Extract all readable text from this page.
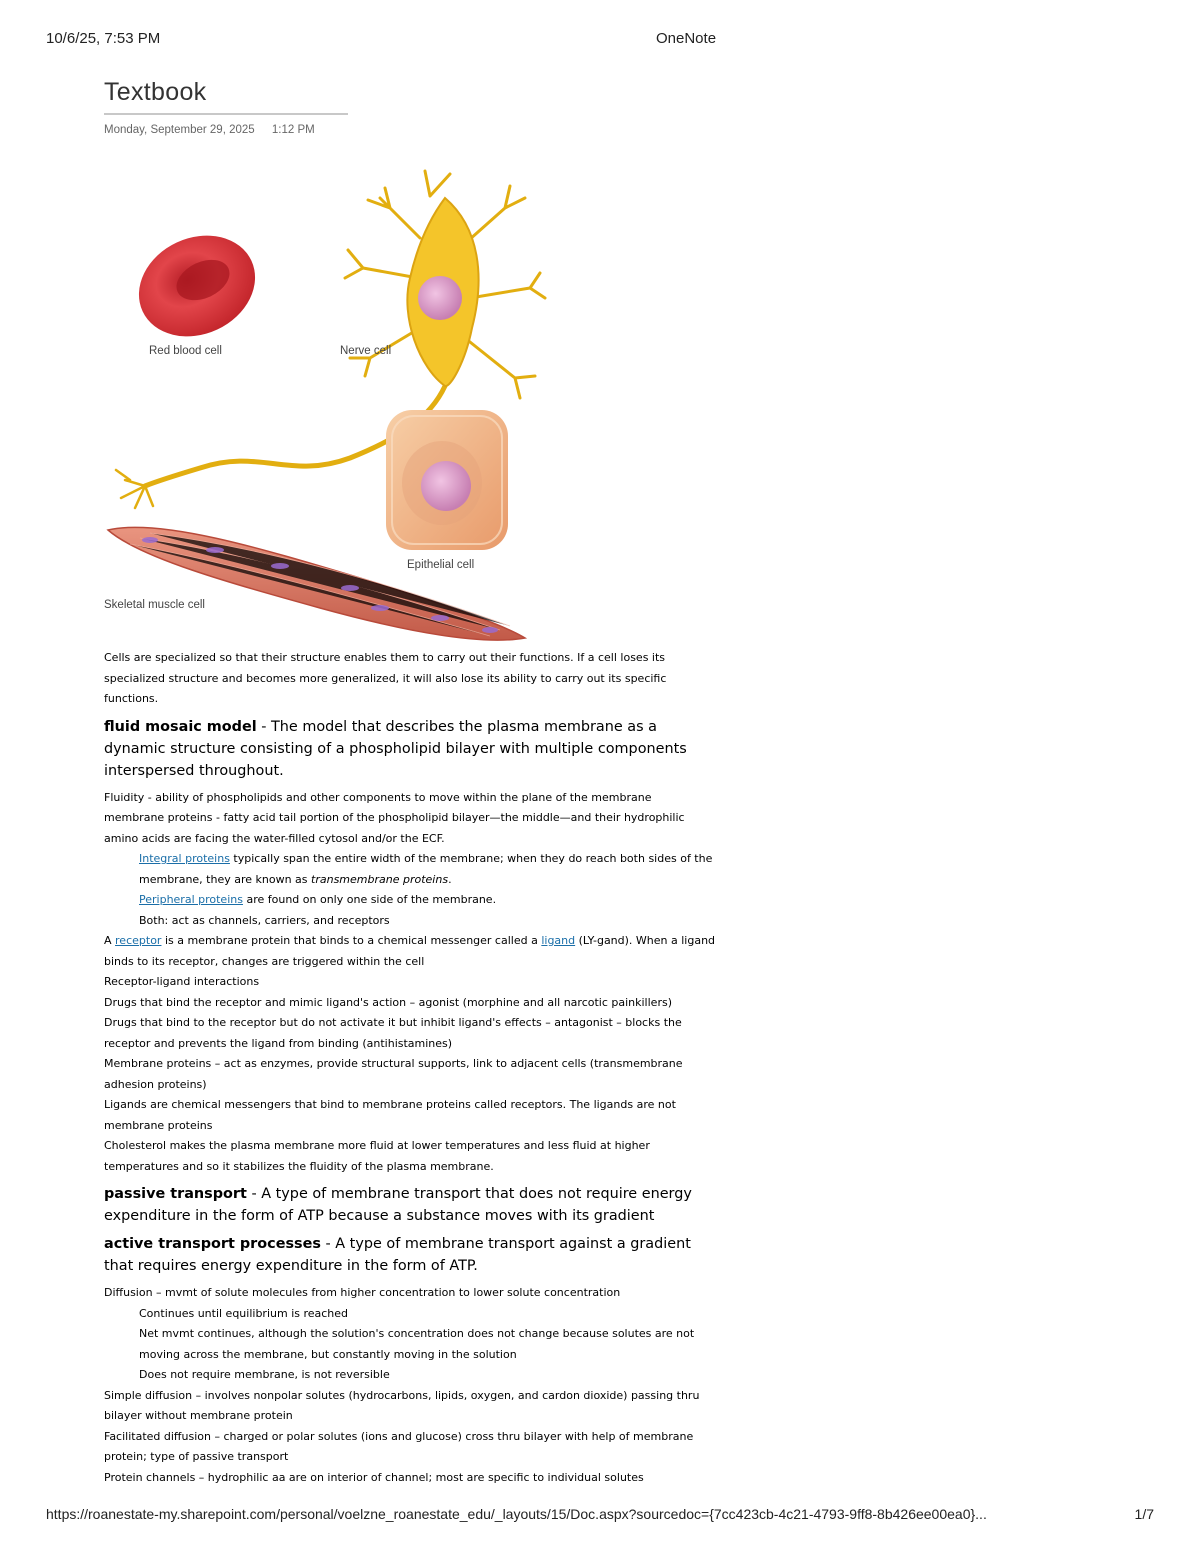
10/6/25, 7:53 PM	OneNote
Textbook
Monday, September 29, 2025 1:12 PM
Red blood cell	Nerve cell
Epithelial cell
Skeletal muscle cell

Cells are specialized so that their structure enables them to carry out their functions. If a cell loses its specialized structure and becomes more generalized, it will also lose its ability to carry out its specific functions.

fluid mosaic model - The model that describes the plasma membrane as a dynamic structure consisting of a phospholipid bilayer with multiple components interspersed throughout.

Fluidity - ability of phospholipids and other components to move within the plane of the membrane

membrane proteins - fatty acid tail portion of the phospholipid bilayer—the middle—and their hydrophilic amino acids are facing the water-filled cytosol and/or the ECF.

Integral proteins typically span the entire width of the membrane; when they do reach both sides of the membrane, they are known as transmembrane proteins.

Peripheral proteins are found on only one side of the membrane.

Both: act as channels, carriers, and receptors

A receptor is a membrane protein that binds to a chemical messenger called a ligand (LY-gand). When a ligand binds to its receptor, changes are triggered within the cell

Receptor-ligand interactions

Drugs that bind the receptor and mimic ligand's action – agonist (morphine and all narcotic painkillers)

Drugs that bind to the receptor but do not activate it but inhibit ligand's effects – antagonist – blocks the receptor and prevents the ligand from binding (antihistamines)

Membrane proteins – act as enzymes, provide structural supports, link to adjacent cells (transmembrane adhesion proteins)

Ligands are chemical messengers that bind to membrane proteins called receptors. The ligands are not membrane proteins

Cholesterol makes the plasma membrane more fluid at lower temperatures and less fluid at higher temperatures and so it stabilizes the fluidity of the plasma membrane.

passive transport - A type of membrane transport that does not require energy expenditure in the form of ATP because a substance moves with its gradient

active transport processes - A type of membrane transport against a gradient that requires energy expenditure in the form of ATP.

Diffusion – mvmt of solute molecules from higher concentration to lower solute concentration

Continues until equilibrium is reached

Net mvmt continues, although the solution's concentration does not change because solutes are not moving across the membrane, but constantly moving in the solution

Does not require membrane, is not reversible

Simple diffusion – involves nonpolar solutes (hydrocarbons, lipids, oxygen, and cardon dioxide) passing thru bilayer without membrane protein

Facilitated diffusion – charged or polar solutes (ions and glucose) cross thru bilayer with help of membrane protein; type of passive transport

Protein channels – hydrophilic aa are on interior of channel; most are specific to individual solutes

https://roanestate-my.sharepoint.com/personal/voelzne_roanestate_edu/_layouts/15/Doc.aspx?sourcedoc={7cc423cb-4c21-4793-9ff8-8b426ee00ea0}...	1/7
